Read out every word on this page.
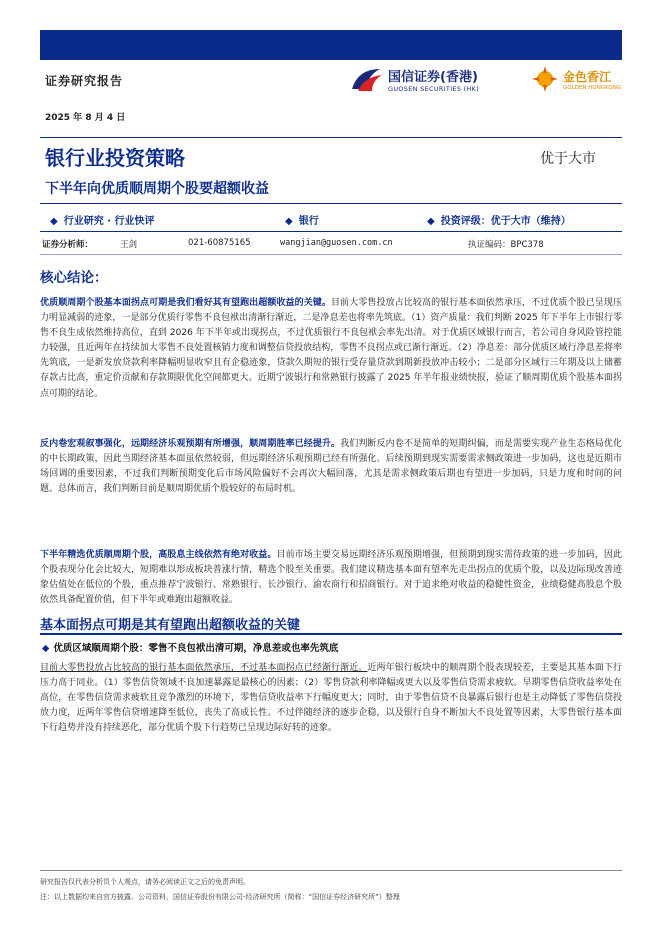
证券研究报告	国信证券(香港)
GUOSEN SECURITIES (HK)
金色香江
GOLDEN HONGKONG
2025 年 8 月 4 日
银行业投资策略	优于大市
下半年向优质顺周期个股要超额收益
◆ 行业研究 · 行业快评	◆ 银行	◆ 投资评级：优于大市（维持）
证券分析师：	王剑	021-60875165	wangjian@guosen.com.cn	执证编码：BPC378
核心结论：
优质顺周期个股基本面拐点可期是我们看好其有望跑出超额收益的关键。目前大零售投放占比较高的银行基本面依然承压，不过优质个股已呈现压力明显减弱的迹象，一是部分优质行零售不良包袱出清渐行渐近，二是净息差也将率先筑底。（1）资产质量：我们判断 2025 年下半年上市银行零售不良生成依然维持高位，直到 2026 年下半年或出现拐点，不过优质银行不良包袱会率先出清。对于优质区域银行而言，若公司自身风险管控能力较强，且近两年在持续加大零售不良处置核销力度和调整信贷投放结构，零售不良拐点或已渐行渐近。（2）净息差：部分优质区域行净息差将率先筑底，一是新发放贷款利率降幅明显收窄且有企稳迹象，贷款久期短的银行受存量贷款到期新投放冲击较小；二是部分区域行三年期及以上储蓄存款占比高，重定价贡献和存款期限优化空间都更大。近期宁波银行和常熟银行披露了 2025 年半年报业绩快报，验证了顺周期优质个股基本面拐点可期的结论。
反内卷宏观叙事强化，远期经济乐观预期有所增强，顺周期胜率已经提升。我们判断反内卷不是简单的短期纠偏，而是需要实现产业生态格局优化的中长期政策，因此当期经济基本面虽依然较弱，但远期经济乐观预期已经有所强化。后续预期到现实需要需求侧政策进一步加码，这也是近期市场回调的重要因素，不过我们判断预期变化后市场风险偏好不会再次大幅回落，尤其是需求侧政策后期也有望进一步加码，只是力度和时间的问题。总体而言，我们判断目前是顺周期优质个股较好的布局时机。
下半年精选优质顺周期个股，高股息主线依然有绝对收益。目前市场主要交易远期经济乐观预期增强，但预期到现实需待政策的进一步加码，因此个股表现分化会比较大，短期难以形成板块普涨行情，精选个股至关重要。我们建议精选基本面有望率先走出拐点的优质个股，以及边际现改善迹象估值处在低位的个股，重点推荐宁波银行、常熟银行、长沙银行、渝农商行和招商银行。对于追求绝对收益的稳健性资金，业绩稳健高股息个股依然具备配置价值，但下半年或难跑出超额收益。
基本面拐点可期是其有望跑出超额收益的关键
◆ 优质区域顺周期个股：零售不良包袱出清可期，净息差或也率先筑底
目前大零售投放占比较高的银行基本面依然承压，不过基本面拐点已经渐行渐近。近两年银行板块中的顺周期个股表现较差，主要是其基本面下行压力高于同业。（1）零售信贷领域不良加速暴露是最核心的因素；（2）零售贷款利率降幅或更大以及零售信贷需求疲软。早期零售信贷收益率处在高位，在零售信贷需求疲软且竞争激烈的环境下，零售信贷收益率下行幅度更大；同时，由于零售信贷不良暴露后银行也是主动降低了零售信贷投放力度，近两年零售信贷增速降至低位，丧失了高成长性。不过伴随经济的逐步企稳，以及银行自身不断加大不良处置等因素，大零售银行基本面下行趋势并没有持续恶化，部分优质个股下行趋势已呈现边际好转的迹象。
研究报告仅代表分析员个人观点，请务必阅读正文之后的免责声明。
注：以上数据均来自官方披露、公司资料，国信证券股份有限公司-经济研究所（简称：“国信证券经济研究所”）整理
